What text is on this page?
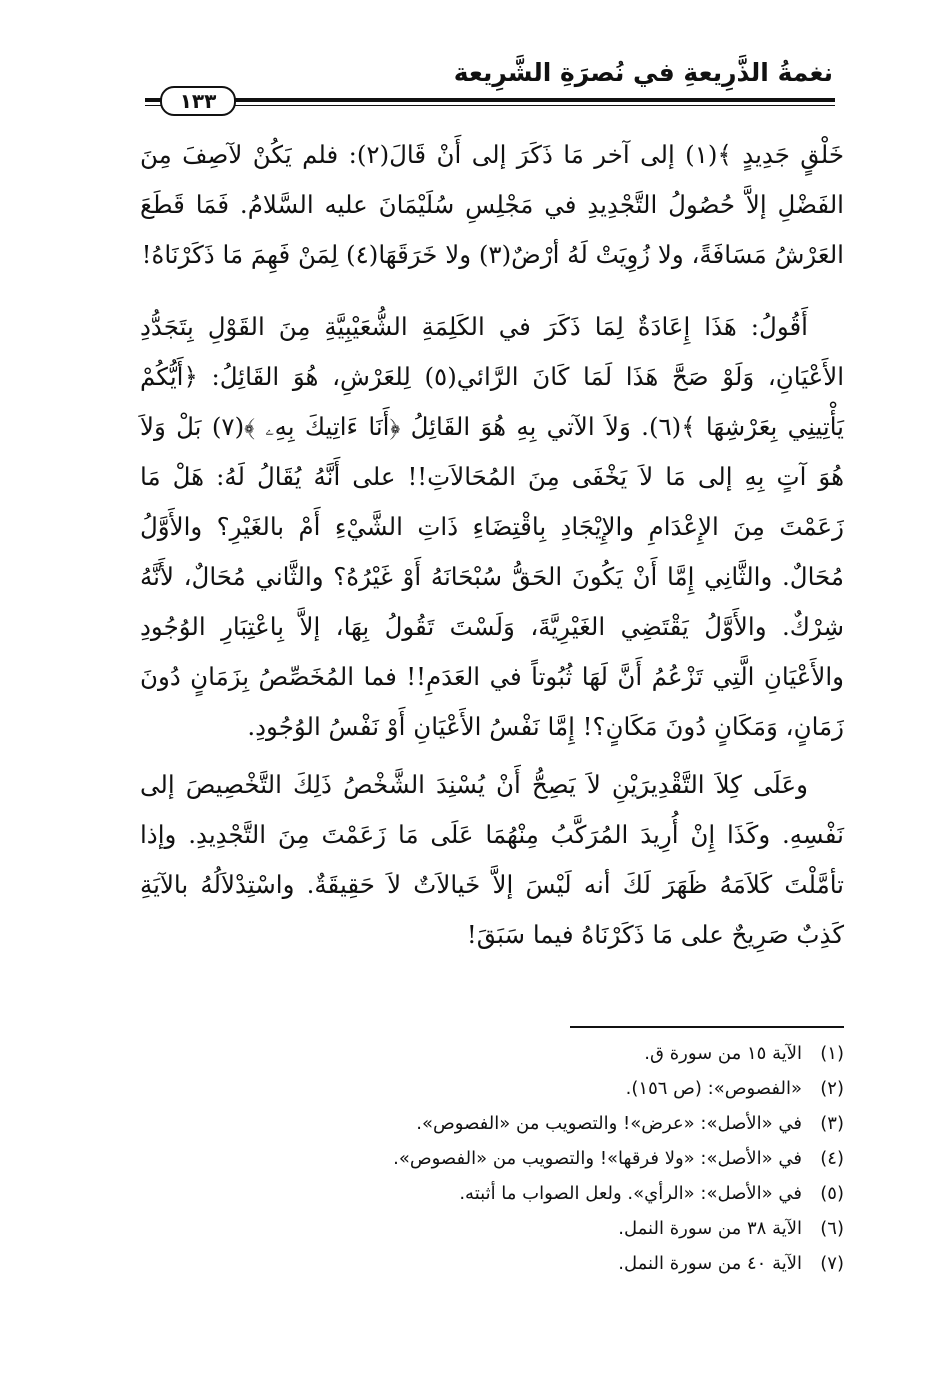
نغمةُ الذَّرِيعةِ في نُصرَةِ الشَّرِيعة
١٣٣

خَلْقٍ جَدِيدٍ ﴾(١) إلى آخر مَا ذَكَرَ إلى أَنْ قَالَ(٢): فلم يَكُنْ لآصِفَ مِنَ الفَضْلِ إلاَّ حُصُولُ التَّجْدِيدِ في مَجْلِسِ سُلَيْمَانَ عليه السَّلامُ. فَمَا قَطَعَ العَرْشُ مَسَافَةً، ولا زُوِيَتْ لَهُ أرْضٌ(٣) ولا خَرَقَهَا(٤) لِمَنْ فَهِمَ مَا ذَكَرْنَاهُ!

أَقُولُ: هَذَا إِعَادَةٌ لِمَا ذَكَرَ في الكَلِمَةِ الشُّعَيْبِيَّةِ مِنَ القَوْلِ بِتَجَدُّدِ الأَعْيَانِ، وَلَوْ صَحَّ هَذَا لَمَا كَانَ الرَّائي(٥) لِلعَرْشِ، هُوَ القَائِلُ: ﴿أَيُّكُمْ يَأْتِينِي بِعَرْشِهَا ﴾(٦). وَلاَ الآتي بِهِ هُوَ القَائِلُ ﴿أَنَا ءَاتِيكَ بِهِۦ ﴾(٧) بَلْ وَلاَ هُوَ آتٍ بِهِ إلى مَا لاَ يَخْفَى مِنَ المُحَالاَتِ!! على أَنَّهُ يُقَالُ لَهُ: هَلْ مَا زَعَمْتَ مِنَ الإِعْدَامِ والإِيْجَادِ بِاقْتِضَاءِ ذَاتِ الشَّيْءِ أَمْ بالغَيْرِ؟ والأَوَّلُ مُحَالٌ. والثَّانِي إِمَّا أَنْ يَكُونَ الحَقُّ سُبْحَانَهُ أَوْ غَيْرُهُ؟ والثَّاني مُحَالٌ، لأَنَّهُ شِرْكٌ. والأَوَّلُ يَقْتَضِي الغَيْرِيَّةَ، وَلَسْتَ تَقُولُ بِهَا، إلاَّ بِاعْتِبَارِ الوُجُودِ والأَعْيَانِ الَّتِي تَزْعُمُ أَنَّ لَهَا ثُبُوتاً في العَدَمِ!! فما المُخَصِّصُ بِزَمَانٍ دُونَ زَمَانٍ، وَمَكَانٍ دُونَ مَكَانٍ؟! إِمَّا نَفْسُ الأَعْيَانِ أَوْ نَفْسُ الوُجُودِ.

وعَلَى كِلاَ التَّقْدِيرَيْنِ لاَ يَصِحُّ أَنْ يُسْنِدَ الشَّخْصُ ذَلِكَ التَّخْصِيصَ إلى نَفْسِهِ. وكَذَا إِنْ أُرِيدَ المُرَكَّبُ مِنْهُمَا عَلَى مَا زَعَمْتَ مِنَ التَّجْدِيدِ. وإذا تأمَّلْتَ كَلاَمَهُ ظَهَرَ لَكَ أنه لَيْسَ إلاَّ خَيالاَتٌ لاَ حَقِيقَةٌ. واسْتِدْلاَلُهُ بالآيَةِ كَذِبٌ صَرِيحٌ على مَا ذَكَرْنَاهُ فيما سَبَقَ!

(١)الآية ١٥ من سورة ق.
(٢)«الفصوص»: (ص ١٥٦).
(٣)في «الأصل»: «عرض»! والتصويب من «الفصوص».
(٤)في «الأصل»: «ولا فرقها»! والتصويب من «الفصوص».
(٥)في «الأصل»: «الرأي». ولعل الصواب ما أثبته.
(٦)الآية ٣٨ من سورة النمل.
(٧)الآية ٤٠ من سورة النمل.
